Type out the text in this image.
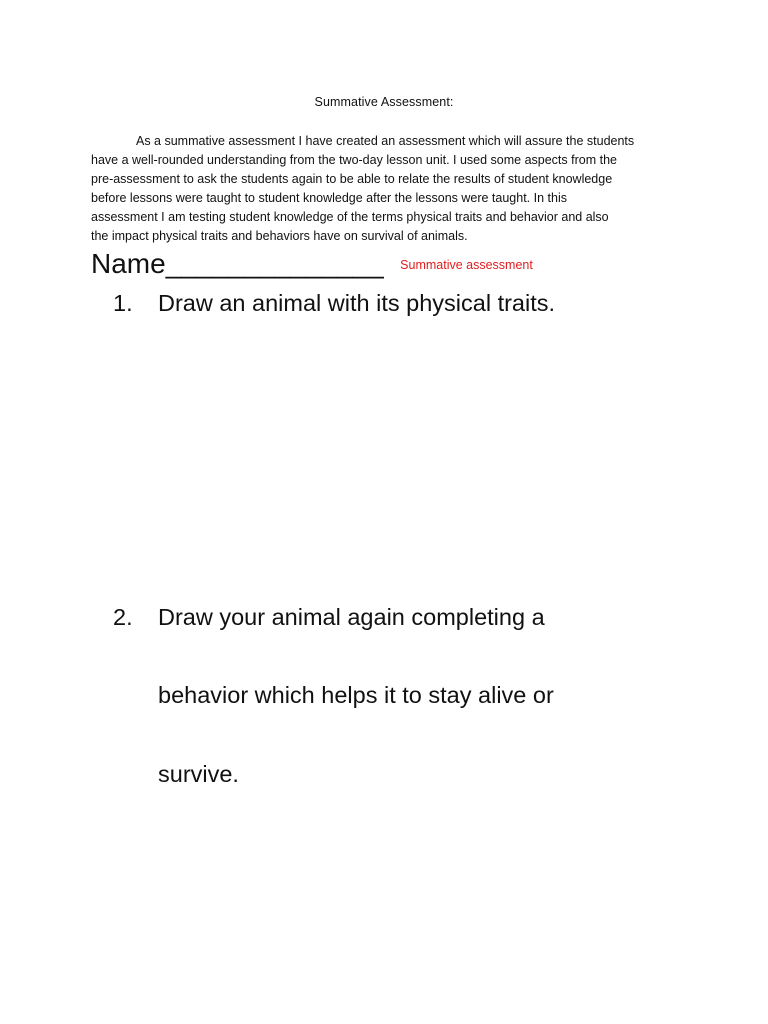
Summative Assessment:

As a summative assessment I have created an assessment which will assure the students
have a well-rounded understanding from the two-day lesson unit. I used some aspects from the
pre-assessment to ask the students again to be able to relate the results of student knowledge
before lessons were taught to student knowledge after the lessons were taught. In this
assessment I am testing student knowledge of the terms physical traits and behavior and also
the impact physical traits and behaviors have on survival of animals.

Name______________ $^{Summative assessment}$
1. Draw an animal with its physical traits.
2. Draw your animal again completing a
behavior which helps it to stay alive or
survive.
